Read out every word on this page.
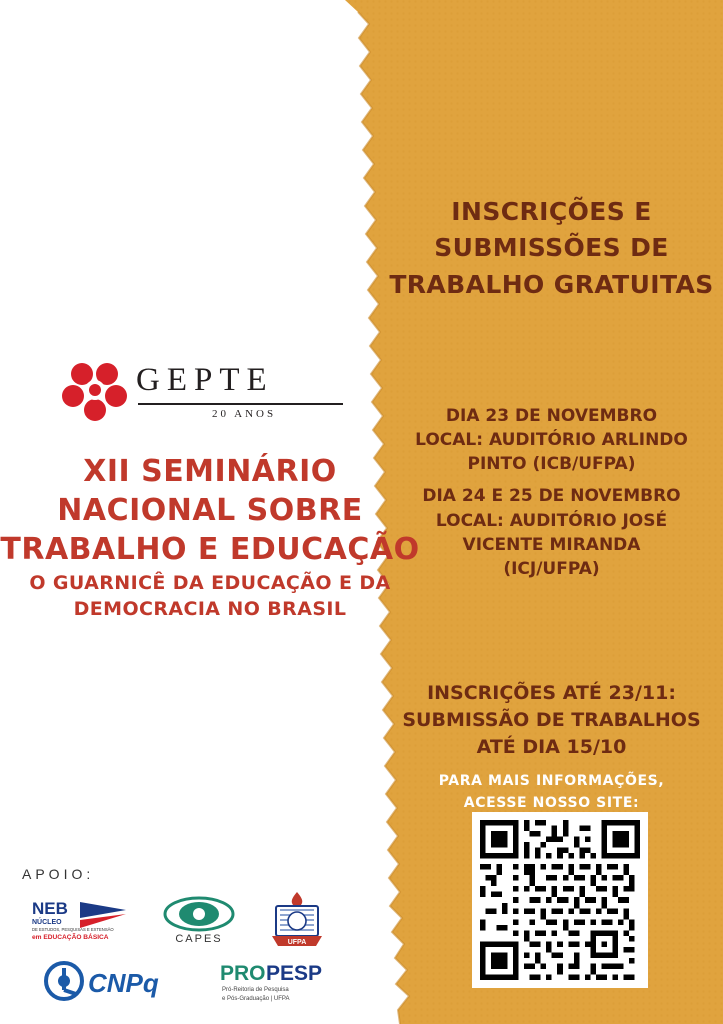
GEPTE
20 ANOS
XII SEMINÁRIO
NACIONAL SOBRE
TRABALHO E EDUCAÇÃO
O GUARNICÊ DA EDUCAÇÃO E DA
DEMOCRACIA NO BRASIL
APOIO:
NEB
NÚCLEO
DE ESTUDOS, PESQUISAS E EXTENSÃO
em EDUCAÇÃO BÁSICA	CAPES	UFPA
CNPq	PRO PESP
Pró-Reitoria de Pesquisa
e Pós-Graduação | UFPA
INSCRIÇÕES E
SUBMISSÕES DE
TRABALHO GRATUITAS
DIA 23 DE NOVEMBRO
LOCAL: AUDITÓRIO ARLINDO
PINTO (ICB/UFPA)
DIA 24 E 25 DE NOVEMBRO
LOCAL: AUDITÓRIO JOSÉ
VICENTE MIRANDA
(ICJ/UFPA)
INSCRIÇÕES ATÉ 23/11:
SUBMISSÃO DE TRABALHOS
ATÉ DIA 15/10
PARA MAIS INFORMAÇÕES,
ACESSE NOSSO SITE:
